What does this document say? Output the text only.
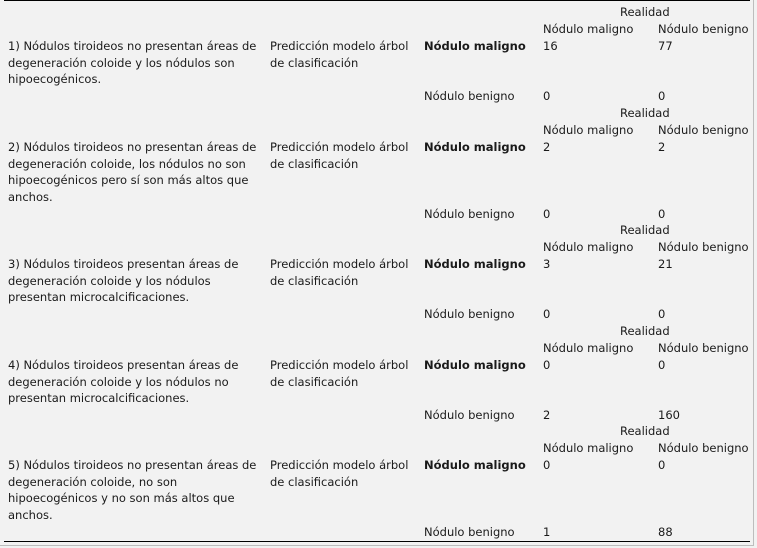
Realidad
Nódulo maligno Nódulo benigno
1) Nódulos tiroideos no presentan áreas de degeneración coloide y los nódulos son hipoecogénicos.
Predicción modelo árbol de clasificación
Nódulo maligno 16	77
Nódulo benigno 0	0
Realidad
Nódulo maligno Nódulo benigno
2) Nódulos tiroideos no presentan áreas de degeneración coloide, los nódulos no son hipoecogénicos pero sí son más altos que anchos.
Predicción modelo árbol de clasificación
Nódulo maligno 2	2
Nódulo benigno 0	0
Realidad
Nódulo maligno Nódulo benigno
3) Nódulos tiroideos presentan áreas de degeneración coloide y los nódulos presentan microcalcificaciones.
Predicción modelo árbol de clasificación
Nódulo maligno 3	21
Nódulo benigno 0	0
Realidad
Nódulo maligno Nódulo benigno
4) Nódulos tiroideos presentan áreas de degeneración coloide y los nódulos no presentan microcalcificaciones.
Predicción modelo árbol de clasificación
Nódulo maligno 0	0
Nódulo benigno 2	160
Realidad
Nódulo maligno Nódulo benigno
5) Nódulos tiroideos no presentan áreas de degeneración coloide, no son hipoecogénicos y no son más altos que anchos.
Predicción modelo árbol de clasificación
Nódulo maligno 0	0
Nódulo benigno 1	88
